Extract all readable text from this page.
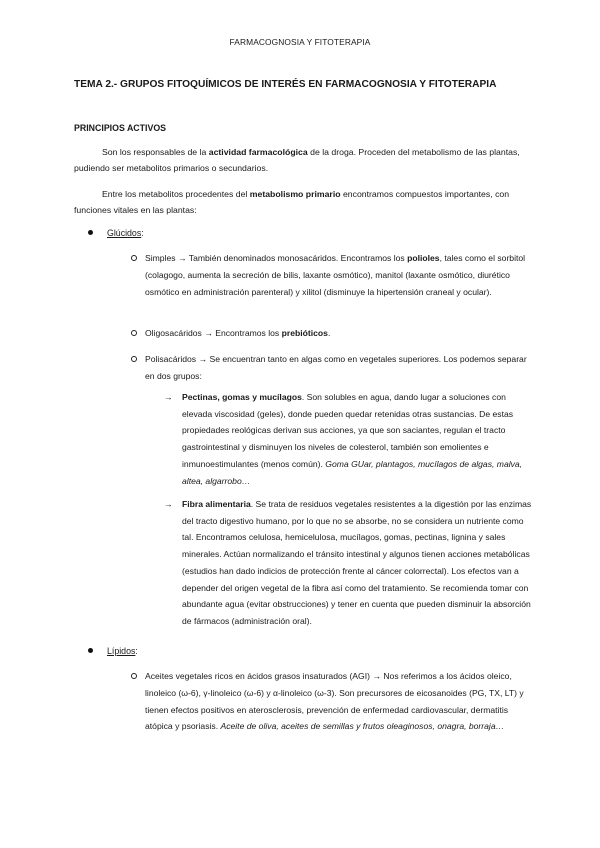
FARMACOGNOSIA Y FITOTERAPIA
TEMA 2.- GRUPOS FITOQUÍMICOS DE INTERÉS EN FARMACOGNOSIA Y FITOTERAPIA
PRINCIPIOS ACTIVOS
Son los responsables de la actividad farmacológica de la droga. Proceden del metabolismo de las plantas, pudiendo ser metabolitos primarios o secundarios.
Entre los metabolitos procedentes del metabolismo primario encontramos compuestos importantes, con funciones vitales en las plantas:
Glúcidos:
Simples → También denominados monosacáridos. Encontramos los polioles, tales como el sorbitol (colagogo, aumenta la secreción de bilis, laxante osmótico), manitol (laxante osmótico, diurético osmótico en administración parenteral) y xilitol (disminuye la hipertensión craneal y ocular).
Oligosacáridos → Encontramos los prebióticos.
Polisacáridos → Se encuentran tanto en algas como en vegetales superiores. Los podemos separar en dos grupos:
→ Pectinas, gomas y mucílagos. Son solubles en agua, dando lugar a soluciones con elevada viscosidad (geles), donde pueden quedar retenidas otras sustancias. De estas propiedades reológicas derivan sus acciones, ya que son saciantes, regulan el tracto gastrointestinal y disminuyen los niveles de colesterol, también son emolientes e inmunoestimulantes (menos común). Goma GUar, plantagos, mucílagos de algas, malva, altea, algarrobo…
→ Fibra alimentaria. Se trata de residuos vegetales resistentes a la digestión por las enzimas del tracto digestivo humano, por lo que no se absorbe, no se considera un nutriente como tal. Encontramos celulosa, hemicelulosa, mucílagos, gomas, pectinas, lignina y sales minerales. Actúan normalizando el tránsito intestinal y algunos tienen acciones metabólicas (estudios han dado indicios de protección frente al cáncer colorrectal). Los efectos van a depender del origen vegetal de la fibra así como del tratamiento. Se recomienda tomar con abundante agua (evitar obstrucciones) y tener en cuenta que pueden disminuir la absorción de fármacos (administración oral).
Lípidos:
Aceites vegetales ricos en ácidos grasos insaturados (AGI) → Nos referimos a los ácidos oleico, linoleico (ω-6), γ-linoleico (ω-6) y α-linoleico (ω-3). Son precursores de eicosanoides (PG, TX, LT) y tienen efectos positivos en aterosclerosis, prevención de enfermedad cardiovascular, dermatitis atópica y psoriasis. Aceite de oliva, aceites de semillas y frutos oleaginosos, onagra, borraja…
